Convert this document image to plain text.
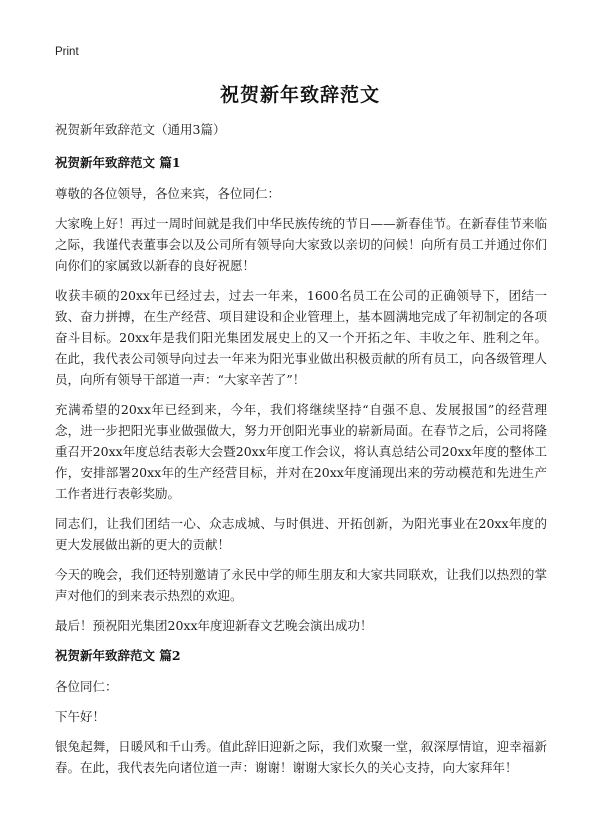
Print
祝贺新年致辞范文

祝贺新年致辞范文（通用3篇）

祝贺新年致辞范文 篇1

尊敬的各位领导，各位来宾，各位同仁：

大家晚上好！再过一周时间就是我们中华民族传统的节日——新春佳节。在新春佳节来临之际，我谨代表董事会以及公司所有领导向大家致以亲切的问候！向所有员工并通过你们向你们的家属致以新春的良好祝愿！

收获丰硕的20xx年已经过去，过去一年来，1600名员工在公司的正确领导下，团结一致、奋力拼搏，在生产经营、项目建设和企业管理上，基本圆满地完成了年初制定的各项奋斗目标。20xx年是我们阳光集团发展史上的又一个开拓之年、丰收之年、胜利之年。在此，我代表公司领导向过去一年来为阳光事业做出积极贡献的所有员工，向各级管理人员，向所有领导干部道一声：“大家辛苦了”！

充满希望的20xx年已经到来，今年，我们将继续坚持“自强不息、发展报国”的经营理念，进一步把阳光事业做强做大，努力开创阳光事业的崭新局面。在春节之后，公司将隆重召开20xx年度总结表彰大会暨20xx年度工作会议，将认真总结公司20xx年度的整体工作，安排部署20xx年的生产经营目标，并对在20xx年度涌现出来的劳动模范和先进生产工作者进行表彰奖励。

同志们，让我们团结一心、众志成城、与时俱进、开拓创新，为阳光事业在20xx年度的更大发展做出新的更大的贡献！

今天的晚会，我们还特别邀请了永民中学的师生朋友和大家共同联欢，让我们以热烈的掌声对他们的到来表示热烈的欢迎。

最后！预祝阳光集团20xx年度迎新春文艺晚会演出成功！

祝贺新年致辞范文 篇2

各位同仁：

下午好！

银兔起舞，日暖风和千山秀。值此辞旧迎新之际，我们欢聚一堂，叙深厚情谊，迎幸福新春。在此，我代表先向诸位道一声：谢谢！谢谢大家长久的关心支持，向大家拜年！
